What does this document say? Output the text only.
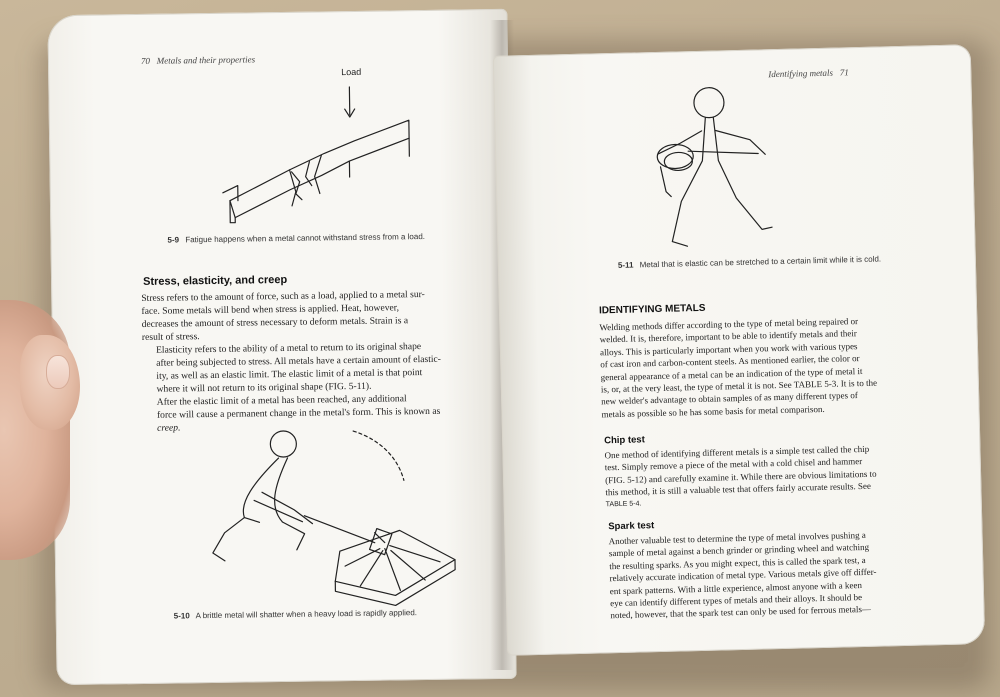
70 Metals and their properties
Load
5-9 Fatigue happens when a metal cannot withstand stress from a load.
Stress, elasticity, and creep
Stress refers to the amount of force, such as a load, applied to a metal sur-
face. Some metals will bend when stress is applied. Heat, however,
decreases the amount of stress necessary to deform metals. Strain is a
result of stress.
Elasticity refers to the ability of a metal to return to its original shape
after being subjected to stress. All metals have a certain amount of elastic-
ity, as well as an elastic limit. The elastic limit of a metal is that point
where it will not return to its original shape (FIG. 5-11).
After the elastic limit of a metal has been reached, any additional
force will cause a permanent change in the metal's form. This is known as
creep.
5-10 A brittle metal will shatter when a heavy load is rapidly applied.
Identifying metals 71
5-11 Metal that is elastic can be stretched to a certain limit while it is cold.
IDENTIFYING METALS
Welding methods differ according to the type of metal being repaired or
welded. It is, therefore, important to be able to identify metals and their
alloys. This is particularly important when you work with various types
of cast iron and carbon-content steels. As mentioned earlier, the color or
general appearance of a metal can be an indication of the type of metal it
is, or, at the very least, the type of metal it is not. See TABLE 5-3. It is to the
new welder's advantage to obtain samples of as many different types of
metals as possible so he has some basis for metal comparison.
Chip test
One method of identifying different metals is a simple test called the chip
test. Simply remove a piece of the metal with a cold chisel and hammer
(FIG. 5-12) and carefully examine it. While there are obvious limitations to
this method, it is still a valuable test that offers fairly accurate results. See
TABLE 5-4.
Spark test
Another valuable test to determine the type of metal involves pushing a
sample of metal against a bench grinder or grinding wheel and watching
the resulting sparks. As you might expect, this is called the spark test, a
relatively accurate indication of metal type. Various metals give off differ-
ent spark patterns. With a little experience, almost anyone with a keen
eye can identify different types of metals and their alloys. It should be
noted, however, that the spark test can only be used for ferrous metals—
